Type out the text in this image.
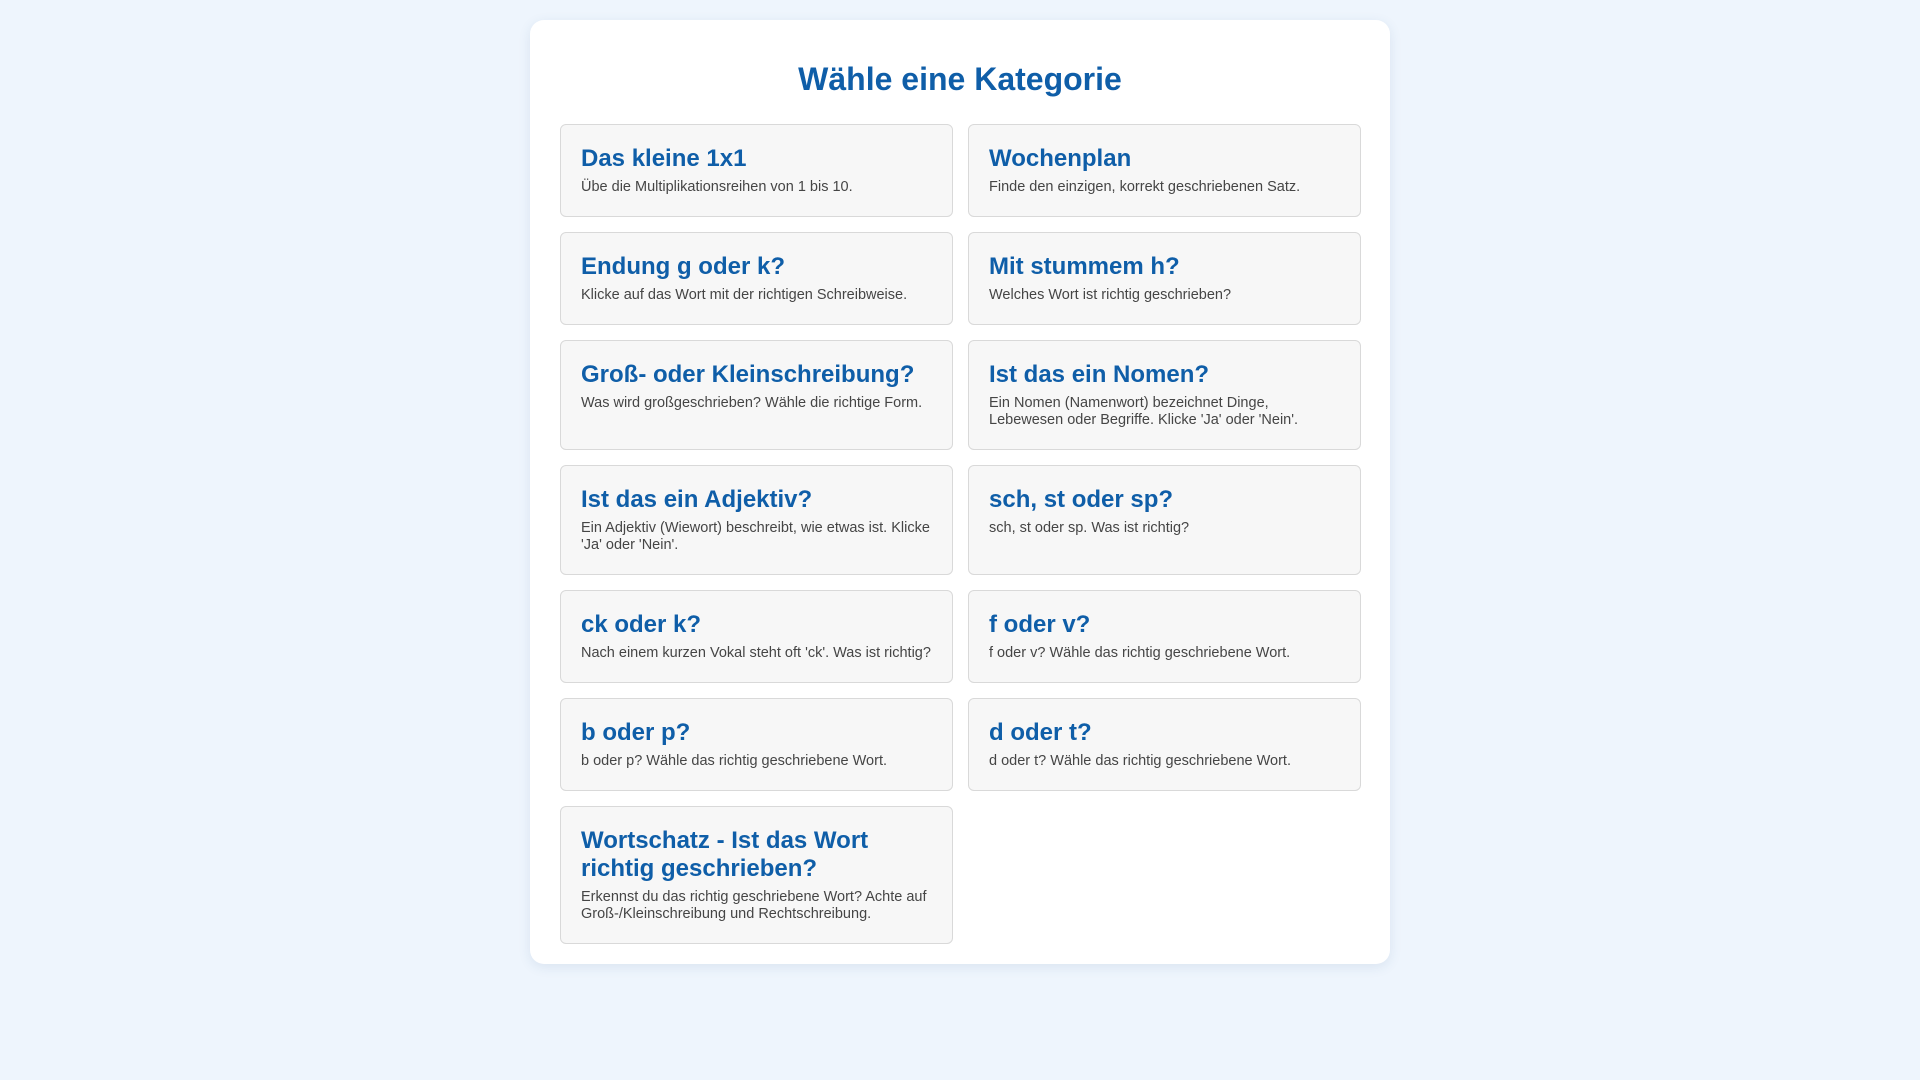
Wähle eine Kategorie
Das kleine 1x1
Übe die Multiplikationsreihen von 1 bis 10.
Wochenplan
Finde den einzigen, korrekt geschriebenen Satz.
Endung g oder k?
Klicke auf das Wort mit der richtigen Schreibweise.
Mit stummem h?
Welches Wort ist richtig geschrieben?
Groß- oder Kleinschreibung?
Was wird großgeschrieben? Wähle die richtige Form.
Ist das ein Nomen?
Ein Nomen (Namenwort) bezeichnet Dinge, Lebewesen oder Begriffe. Klicke 'Ja' oder 'Nein'.
Ist das ein Adjektiv?
Ein Adjektiv (Wiewort) beschreibt, wie etwas ist. Klicke 'Ja' oder 'Nein'.
sch, st oder sp?
sch, st oder sp. Was ist richtig?
ck oder k?
Nach einem kurzen Vokal steht oft 'ck'. Was ist richtig?
f oder v?
f oder v? Wähle das richtig geschriebene Wort.
b oder p?
b oder p? Wähle das richtig geschriebene Wort.
d oder t?
d oder t? Wähle das richtig geschriebene Wort.
Wortschatz - Ist das Wort richtig geschrieben?
Erkennst du das richtig geschriebene Wort? Achte auf Groß-/Kleinschreibung und Rechtschreibung.
